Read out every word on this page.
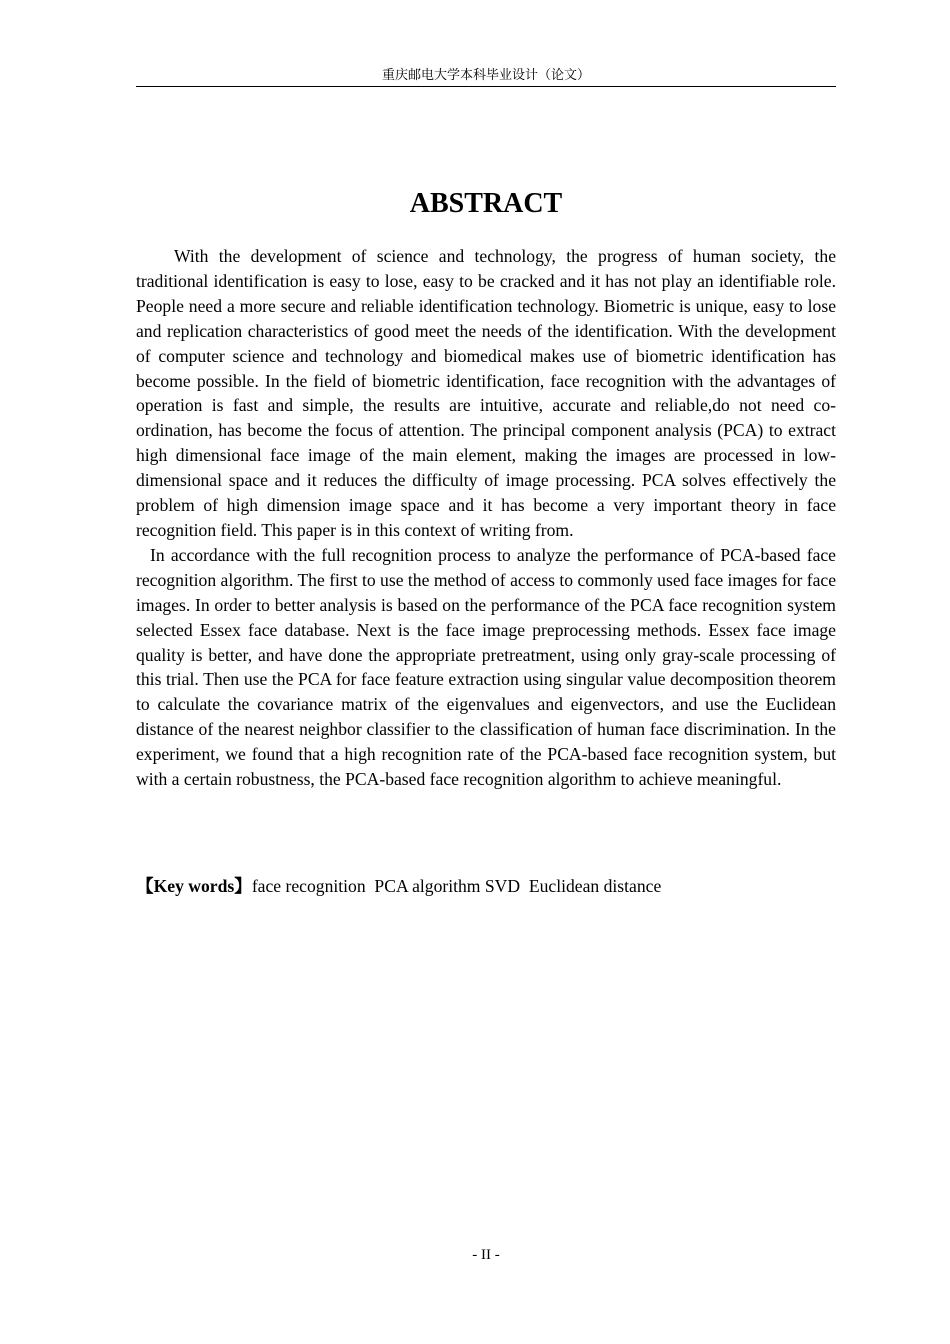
重庆邮电大学本科毕业设计（论文）
ABSTRACT

With the development of science and technology, the progress of human society, the traditional identification is easy to lose, easy to be cracked and it has not play an identifiable role. People need a more secure and reliable identification technology. Biometric is unique, easy to lose and replication characteristics of good meet the needs of the identification. With the development of computer science and technology and biomedical makes use of biometric identification has become possible. In the field of biometric identification, face recognition with the advantages of operation is fast and simple, the results are intuitive, accurate and reliable,do not need co-ordination, has become the focus of attention. The principal component analysis (PCA) to extract high dimensional face image of the main element, making the images are processed in low-dimensional space and it reduces the difficulty of image processing. PCA solves effectively the problem of high dimension image space and it has become a very important theory in face recognition field. This paper is in this context of writing from.

In accordance with the full recognition process to analyze the performance of PCA-based face recognition algorithm. The first to use the method of access to commonly used face images for face images. In order to better analysis is based on the performance of the PCA face recognition system selected Essex face database. Next is the face image preprocessing methods. Essex face image quality is better, and have done the appropriate pretreatment, using only gray-scale processing of this trial. Then use the PCA for face feature extraction using singular value decomposition theorem to calculate the covariance matrix of the eigenvalues and eigenvectors, and use the Euclidean distance of the nearest neighbor classifier to the classification of human face discrimination. In the experiment, we found that a high recognition rate of the PCA-based face recognition system, but with a certain robustness, the PCA-based face recognition algorithm to achieve meaningful.

【Key words】face recognition  PCA algorithm SVD  Euclidean distance
- II -
